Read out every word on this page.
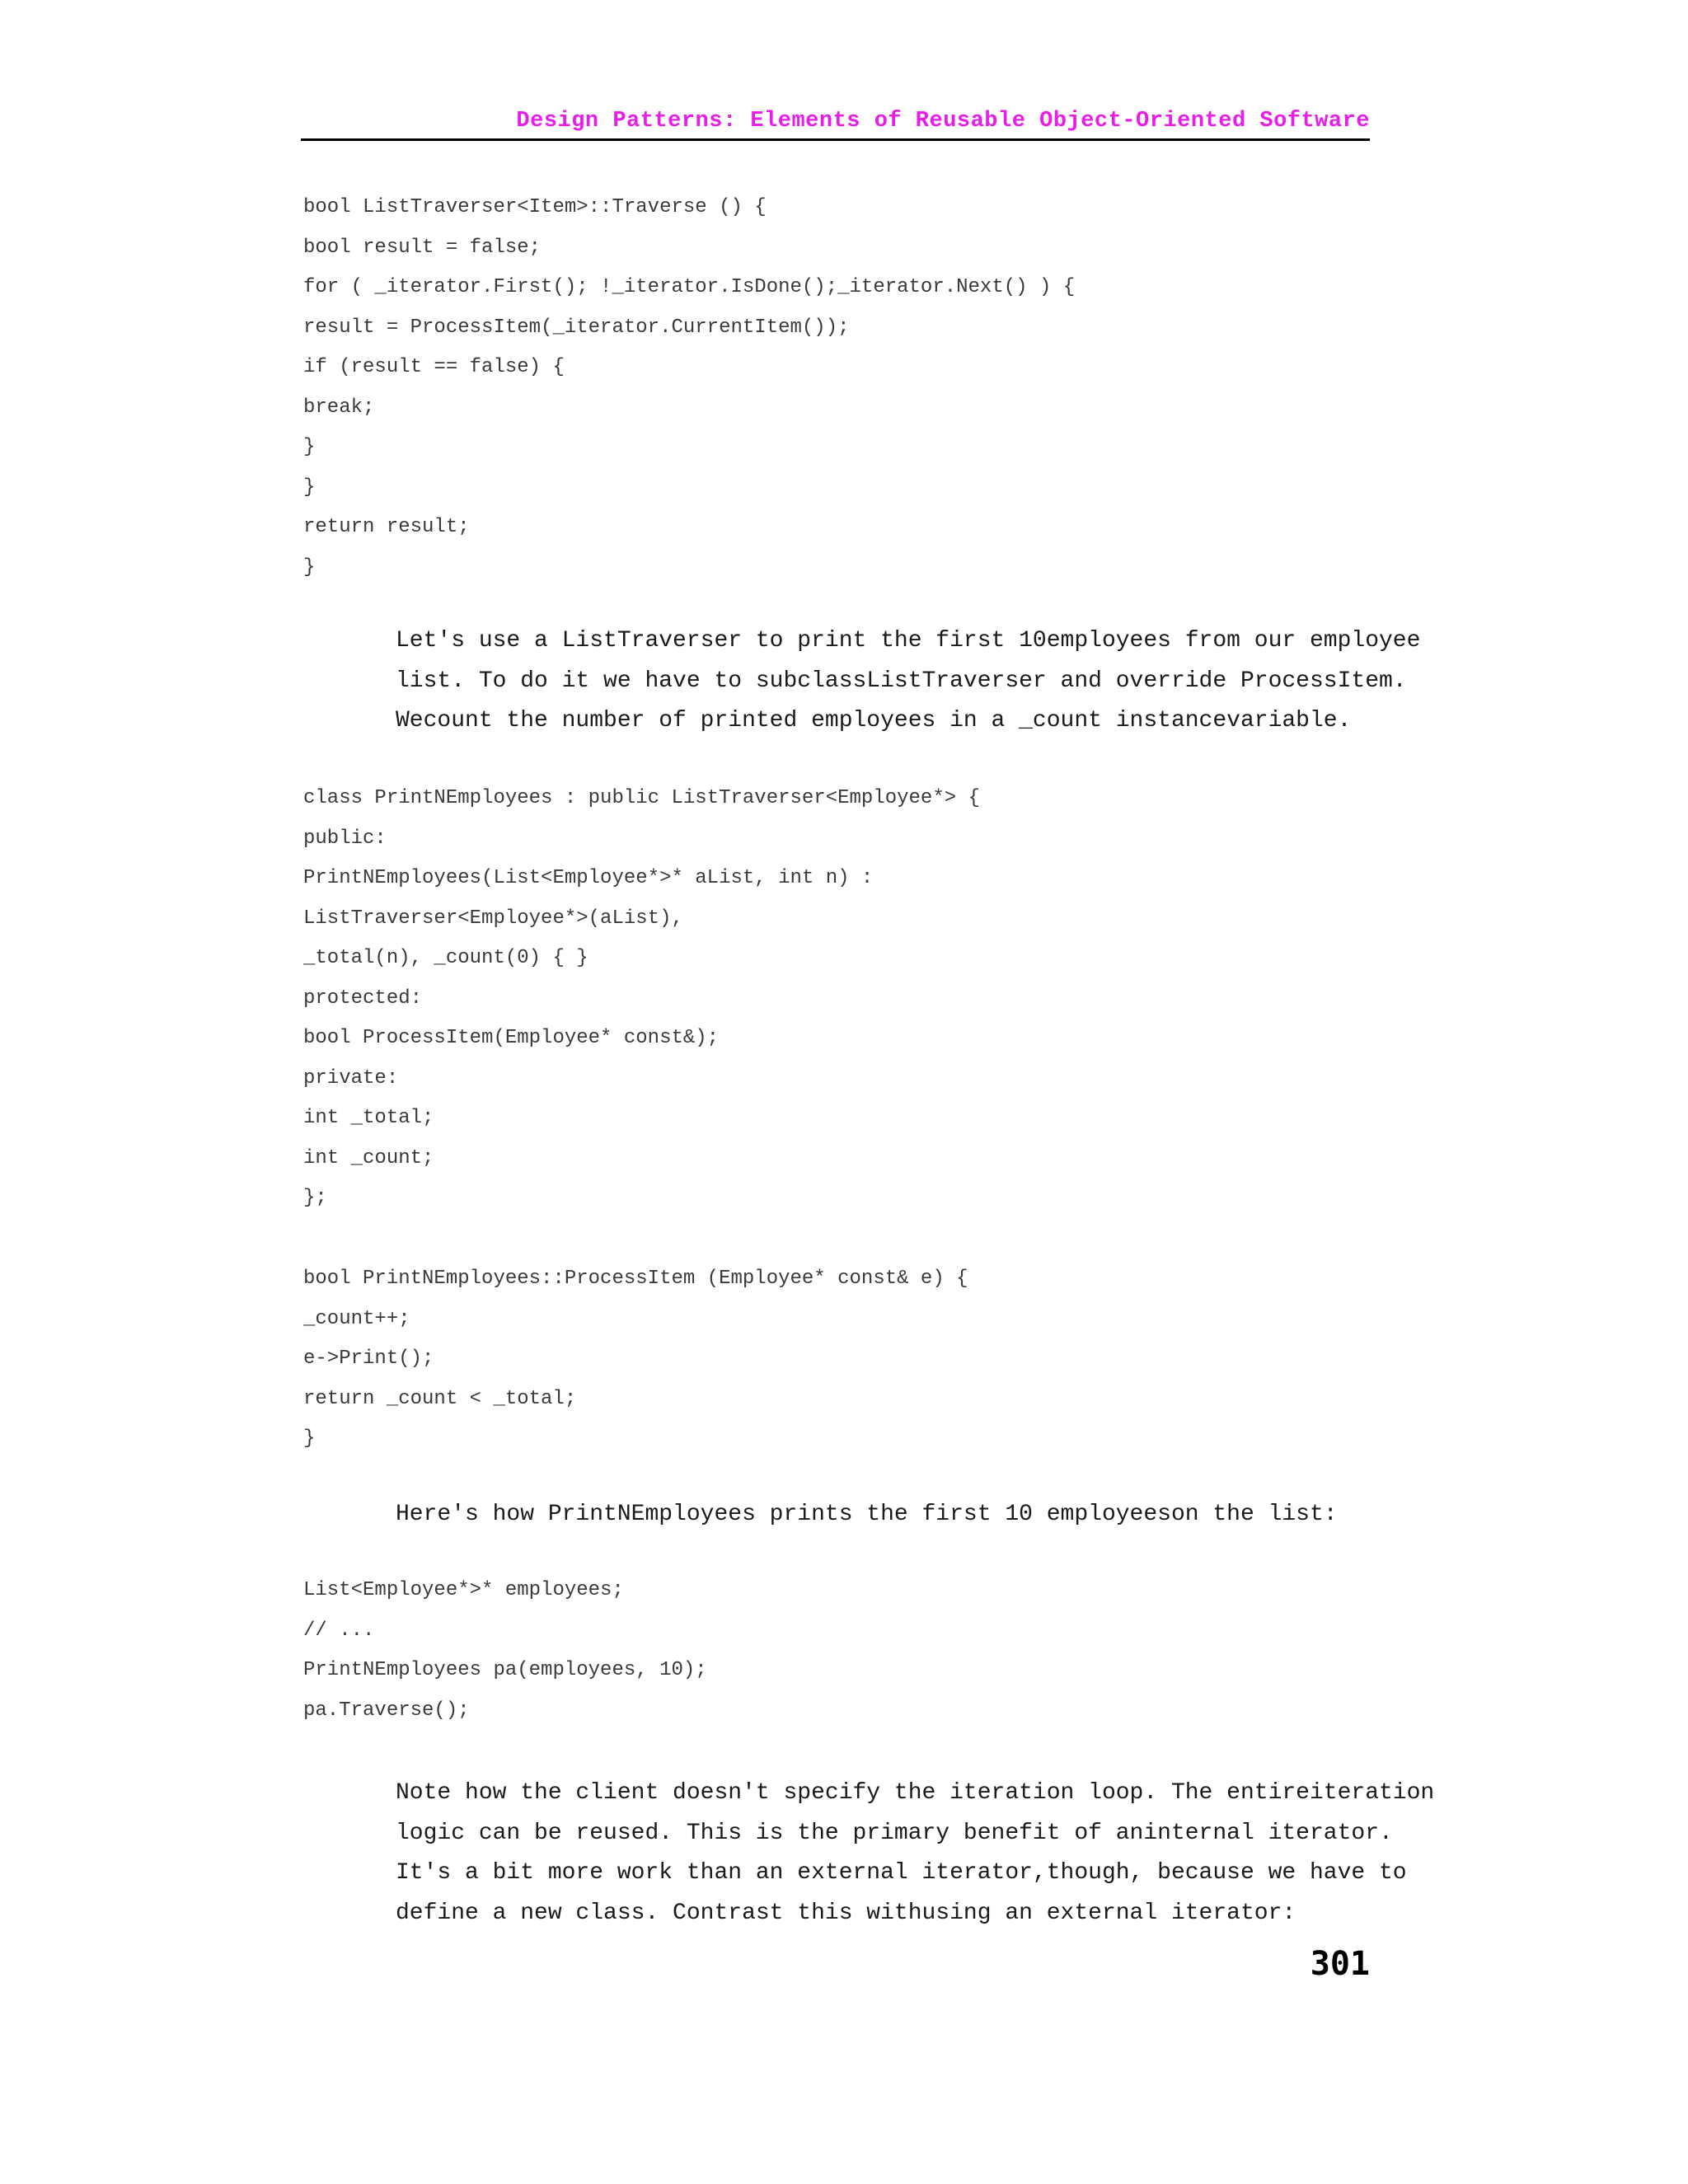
Design Patterns: Elements of Reusable Object-Oriented Software
bool ListTraverser<Item>::Traverse () {
bool result = false;
for ( _iterator.First(); !_iterator.IsDone();_iterator.Next() ) {
result = ProcessItem(_iterator.CurrentItem());
if (result == false) {
break;
}
}
return result;
}
Let's use a ListTraverser to print the first 10employees from our employee
list. To do it we have to subclassListTraverser and override ProcessItem.
Wecount the number of printed employees in a _count instancevariable.
class PrintNEmployees : public ListTraverser<Employee*> {
public:
PrintNEmployees(List<Employee*>* aList, int n) :
ListTraverser<Employee*>(aList),
_total(n), _count(0) { }
protected:
bool ProcessItem(Employee* const&);
private:
int _total;
int _count;
};
bool PrintNEmployees::ProcessItem (Employee* const& e) {
_count++;
e->Print();
return _count < _total;
}
Here's how PrintNEmployees prints the first 10 employeeson the list:
List<Employee*>* employees;
// ...
PrintNEmployees pa(employees, 10);
pa.Traverse();
Note how the client doesn't specify the iteration loop. The entireiteration
logic can be reused. This is the primary benefit of aninternal iterator.
It's a bit more work than an external iterator,though, because we have to
define a new class. Contrast this withusing an external iterator:
301
